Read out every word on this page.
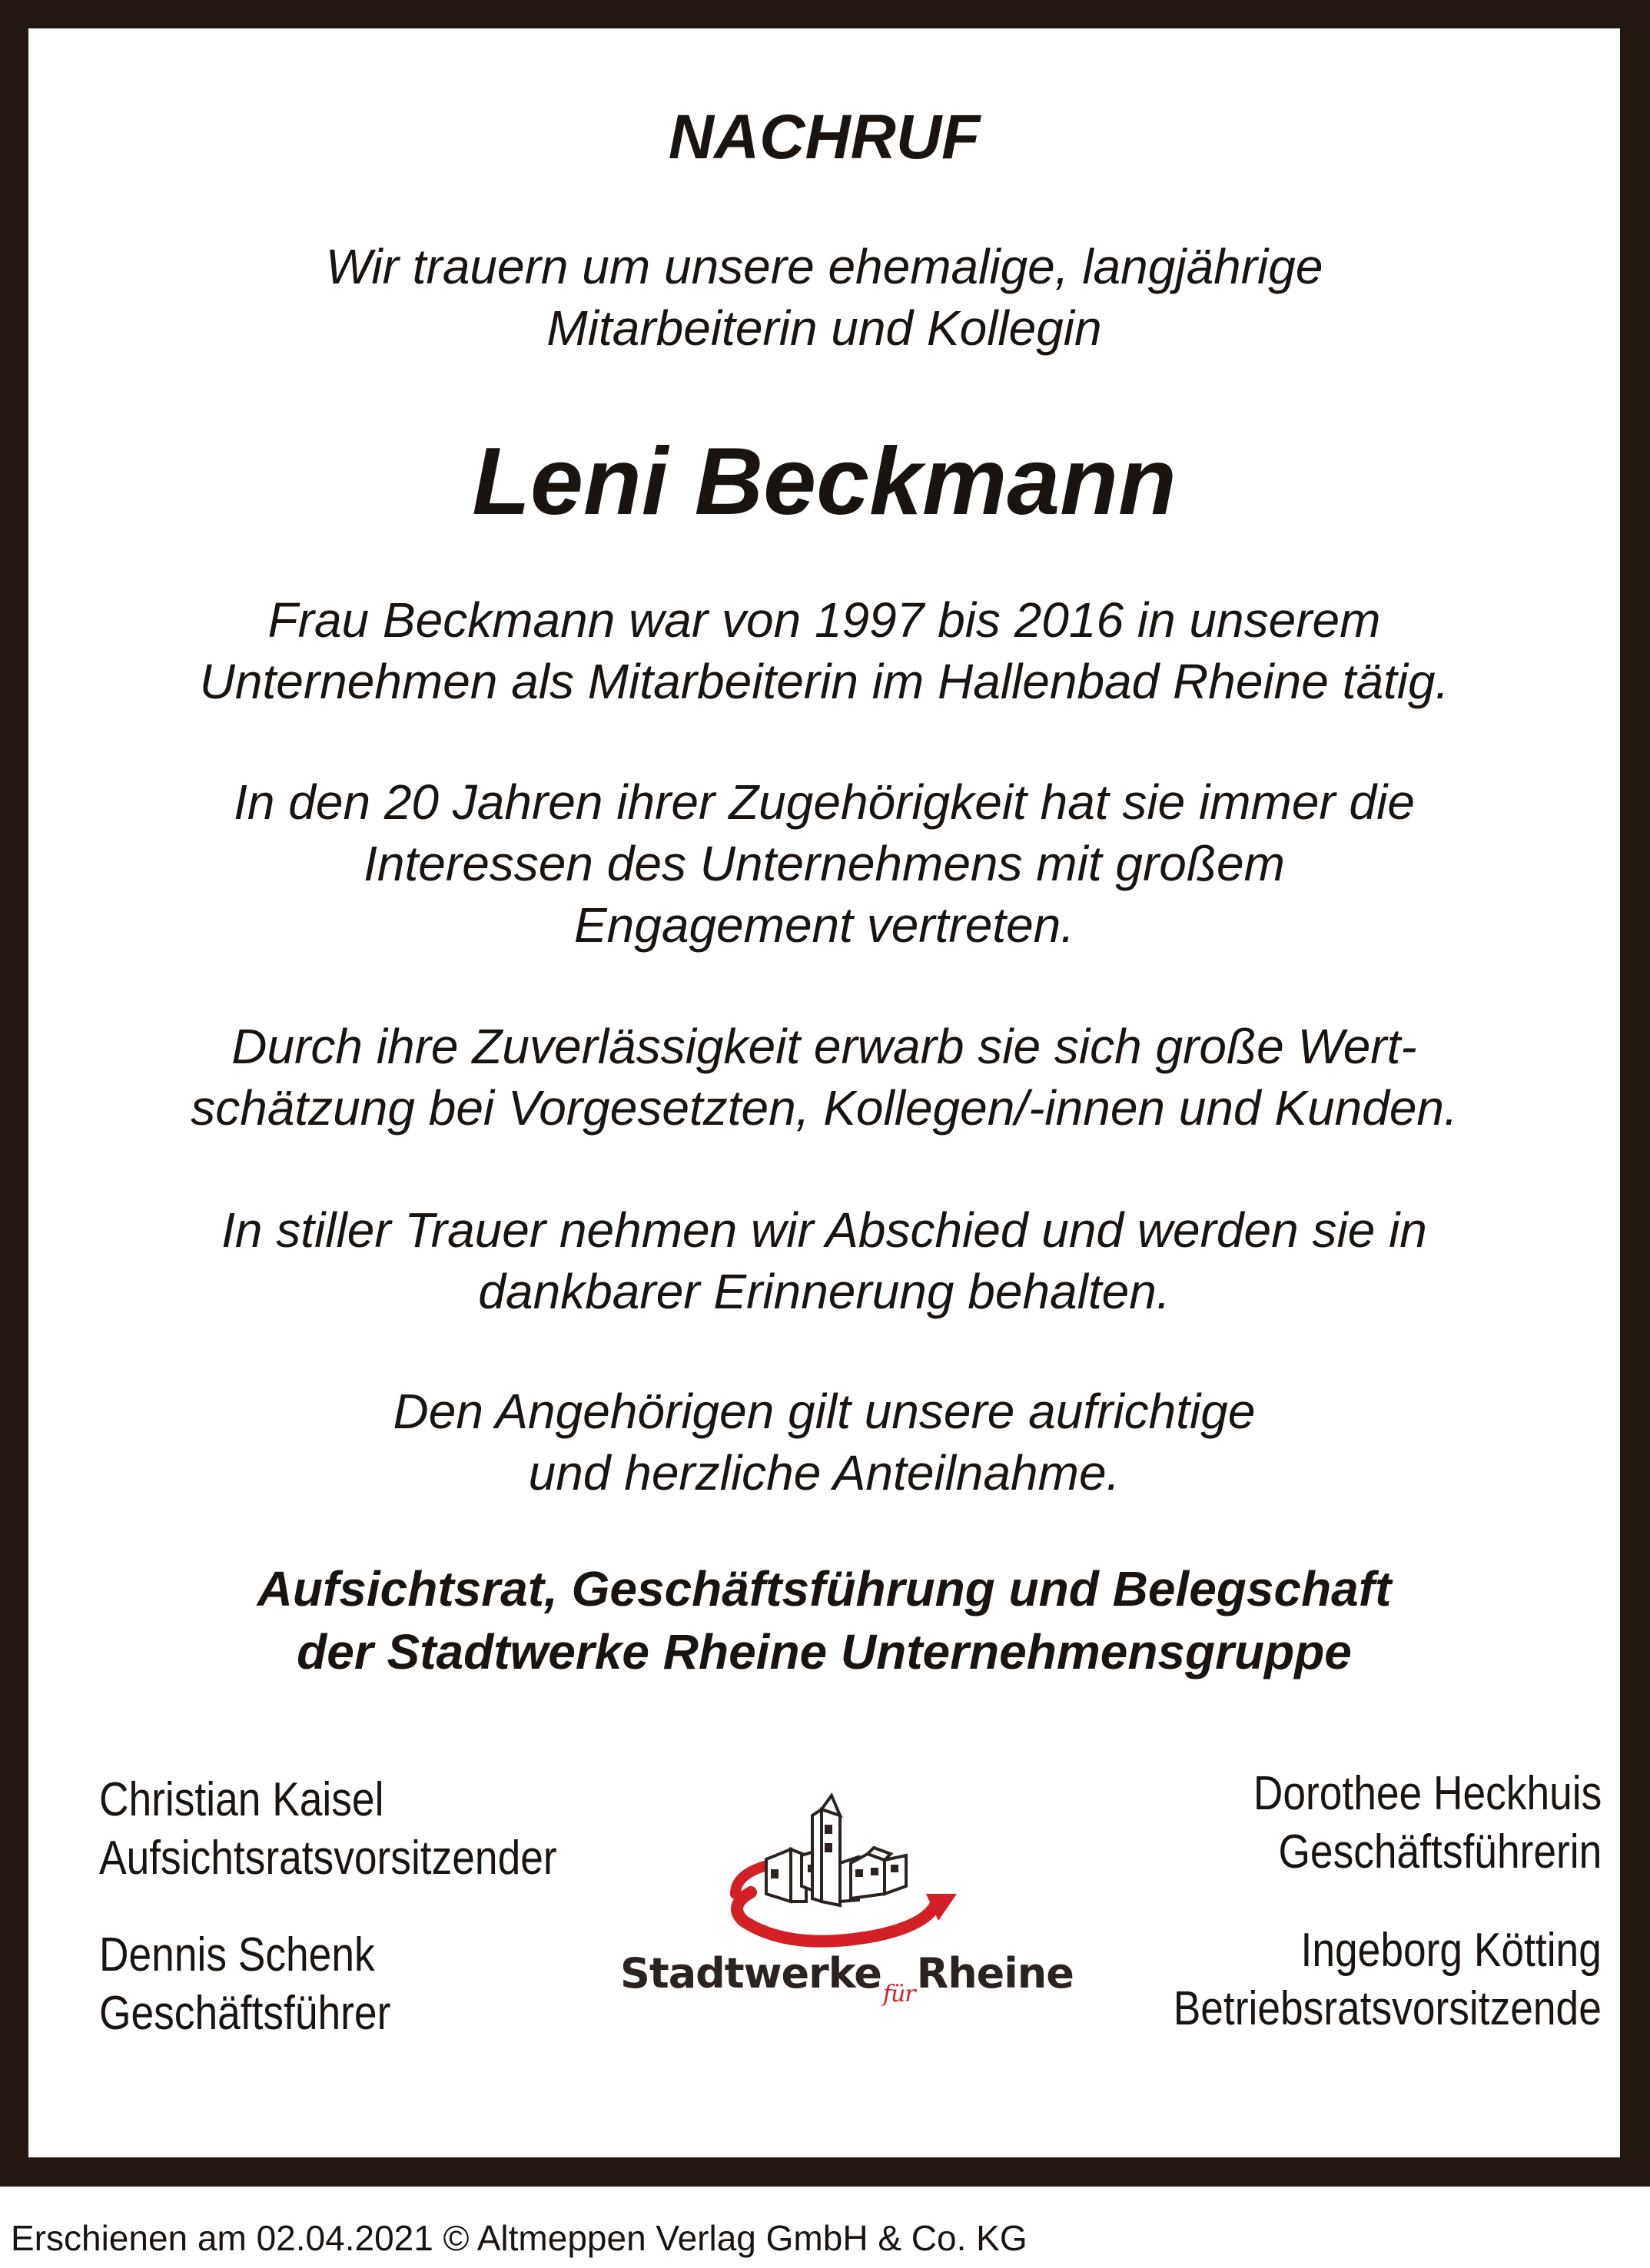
NACHRUF
Wir trauern um unsere ehemalige, langjährige
Mitarbeiterin und Kollegin
Leni Beckmann
Frau Beckmann war von 1997 bis 2016 in unserem
Unternehmen als Mitarbeiterin im Hallenbad Rheine tätig.
In den 20 Jahren ihrer Zugehörigkeit hat sie immer die
Interessen des Unternehmens mit großem
Engagement vertreten.
Durch ihre Zuverlässigkeit erwarb sie sich große Wert-
schätzung bei Vorgesetzten, Kollegen/-innen und Kunden.
In stiller Trauer nehmen wir Abschied und werden sie in
dankbarer Erinnerung behalten.
Den Angehörigen gilt unsere aufrichtige
und herzliche Anteilnahme.
Aufsichtsrat, Geschäftsführung und Belegschaft
der Stadtwerke Rheine Unternehmensgruppe
Christian Kaisel
Aufsichtsratsvorsitzender
Dennis Schenk
Geschäftsführer
Dorothee Heckhuis
Geschäftsführerin
Ingeborg Kötting
Betriebsratsvorsitzende
Stadtwerke$_{für}$Rheine
Erschienen am 02.04.2021 © Altmeppen Verlag GmbH & Co. KG
